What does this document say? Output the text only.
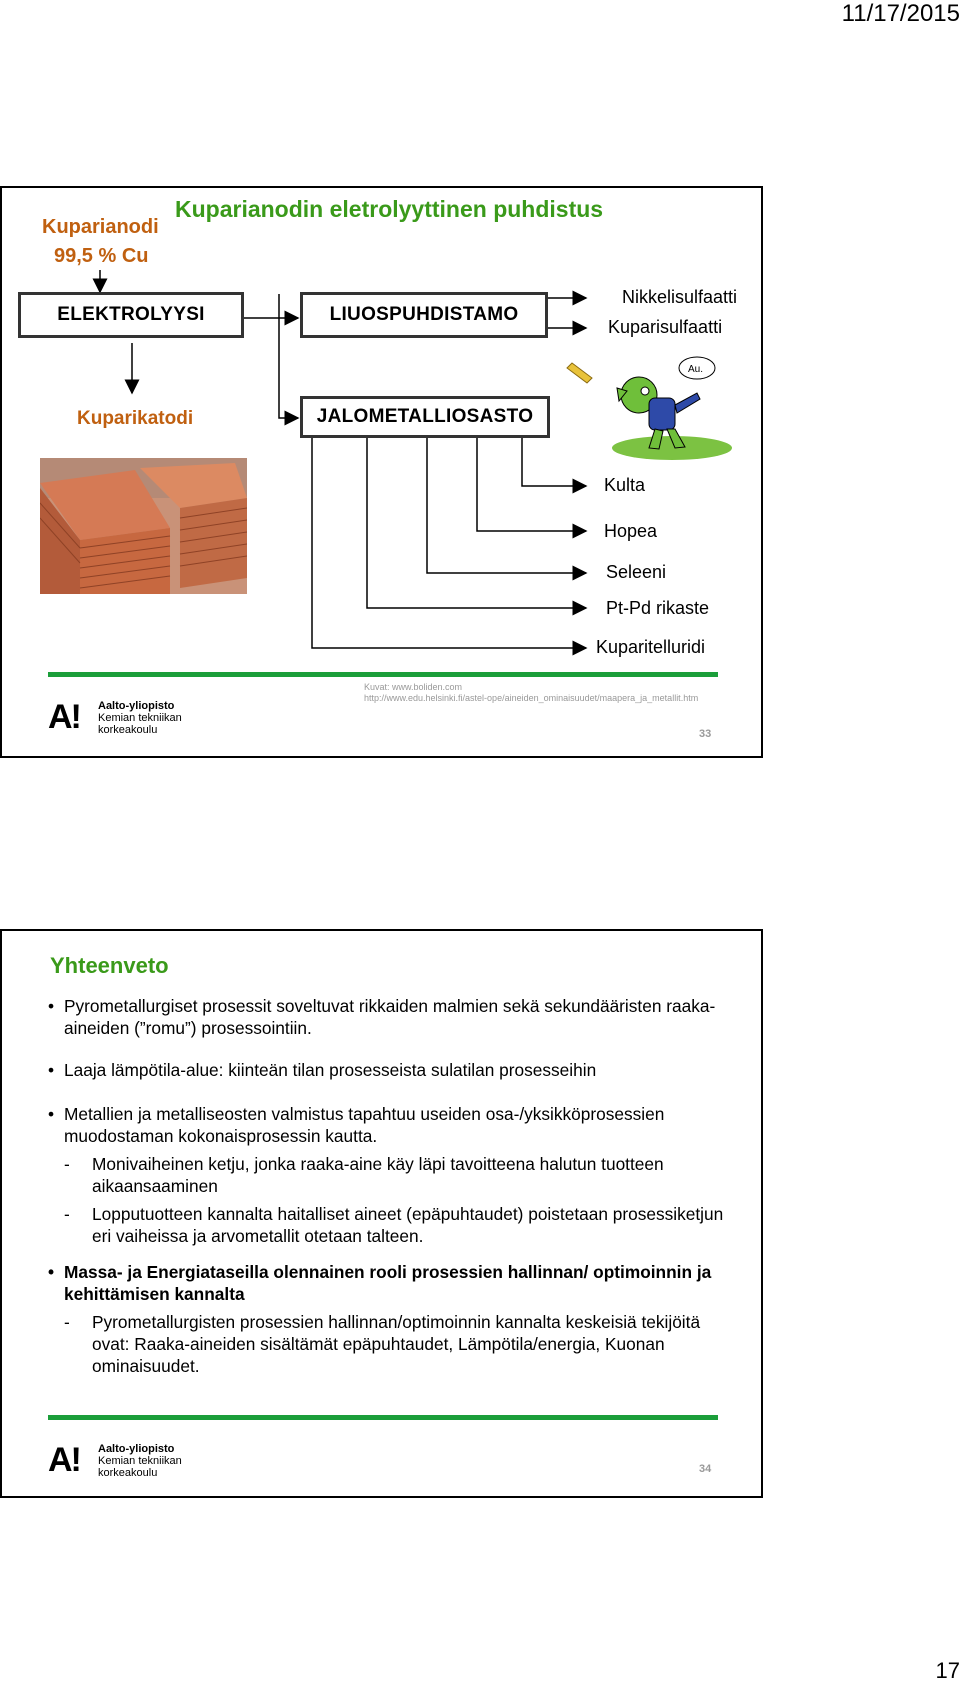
11/17/2015
Kuparianodi
99,5 % Cu
Kuparianodin eletrolyyttinen puhdistus
ELEKTROLYYSI	LIUOSPUHDISTAMO
JALOMETALLIOSASTO
Kuparikatodi
Nikkelisulfaatti
Kuparisulfaatti
Au.
Kulta
Hopea
Seleeni
Pt-Pd rikaste
Kuparitelluridi
A! Aalto-yliopisto
Kemian tekniikan
korkeakoulu
Kuvat: www.boliden.com
http://www.edu.helsinki.fi/astel-ope/aineiden_ominaisuudet/maapera_ja_metallit.htm
33
Yhteenveto
• Pyrometallurgiset prosessit soveltuvat rikkaiden malmien sekä sekundääristen raaka-aineiden (”romu”) prosessointiin.
• Laaja lämpötila-alue: kiinteän tilan prosesseista sulatilan prosesseihin
• Metallien ja metalliseosten valmistus tapahtuu useiden osa-/yksikköprosessien muodostaman kokonaisprosessin kautta.
- Monivaiheinen ketju, jonka raaka-aine käy läpi tavoitteena halutun tuotteen aikaansaaminen
- Lopputuotteen kannalta haitalliset aineet (epäpuhtaudet) poistetaan prosessiketjun eri vaiheissa ja arvometallit otetaan talteen.
• Massa- ja Energiataseilla olennainen rooli prosessien hallinnan/ optimoinnin ja kehittämisen kannalta
- Pyrometallurgisten prosessien hallinnan/optimoinnin kannalta keskeisiä tekijöitä ovat: Raaka-aineiden sisältämät epäpuhtaudet, Lämpötila/energia, Kuonan ominaisuudet.
A! Aalto-yliopisto
Kemian tekniikan
korkeakoulu	34
17
